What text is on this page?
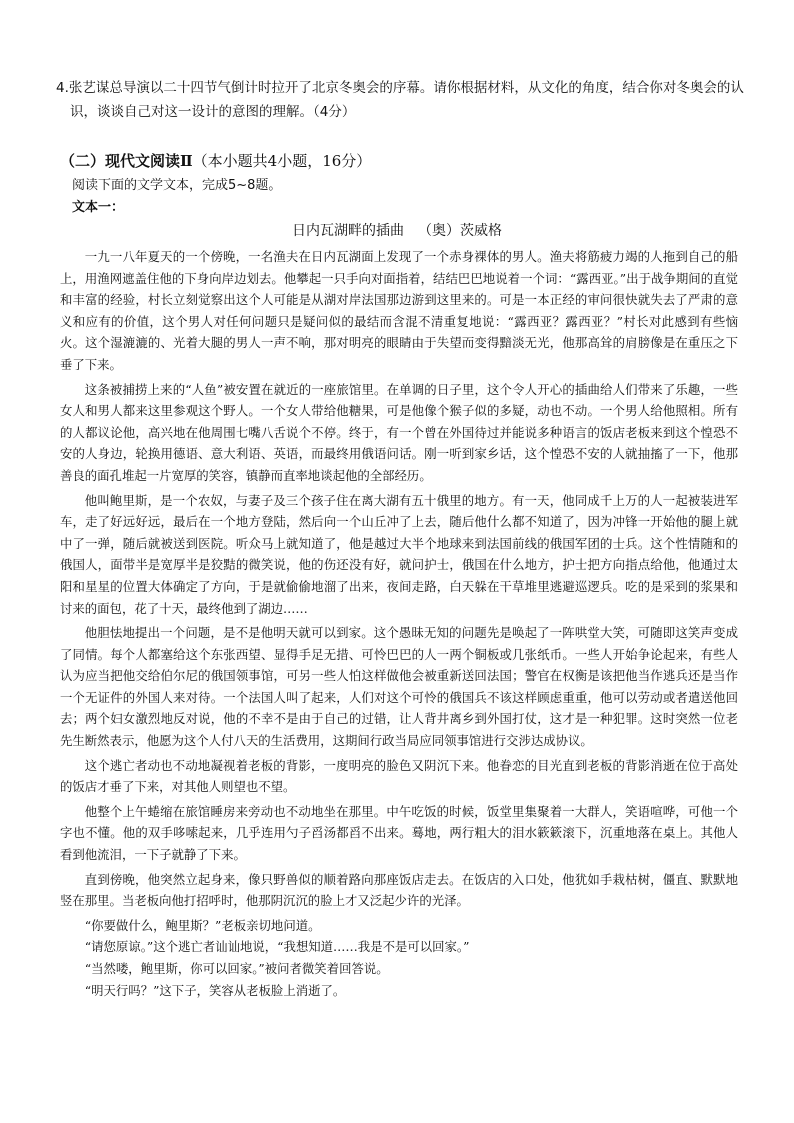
4.张艺谋总导演以二十四节气倒计时拉开了北京冬奥会的序幕。请你根据材料，从文化的角度，结合你对冬奥会的认识，谈谈自己对这一设计的意图的理解。（4分）

（二）现代文阅读Ⅱ（本小题共4小题，16分）

阅读下面的文学文本，完成5~8题。

文本一：

日内瓦湖畔的插曲 （奥）茨威格

一九一八年夏天的一个傍晚，一名渔夫在日内瓦湖面上发现了一个赤身裸体的男人。渔夫将筋疲力竭的人拖到自己的船上，用渔网遮盖住他的下身向岸边划去。他攀起一只手向对面指着，结结巴巴地说着一个词：“露西亚。”出于战争期间的直觉和丰富的经验，村长立刻觉察出这个人可能是从湖对岸法国那边游到这里来的。可是一本正经的审问很快就失去了严肃的意义和应有的价值，这个男人对任何问题只是疑问似的最结而含混不清重复地说：“露西亚？露西亚？”村长对此感到有些恼火。这个湿漉漉的、光着大腿的男人一声不响，那对明亮的眼睛由于失望而变得黯淡无光，他那高耸的肩膀像是在重压之下垂了下来。

这条被捕捞上来的“人鱼”被安置在就近的一座旅馆里。在单调的日子里，这个令人开心的插曲给人们带来了乐趣，一些女人和男人都来这里参观这个野人。一个女人带给他糖果，可是他像个猴子似的多疑，动也不动。一个男人给他照相。所有的人都议论他，高兴地在他周围七嘴八舌说个不停。终于，有一个曾在外国待过并能说多种语言的饭店老板来到这个惶恐不安的人身边，轮换用德语、意大利语、英语，而最终用俄语问话。刚一听到家乡话，这个惶恐不安的人就抽搐了一下，他那善良的面孔堆起一片宽厚的笑容，镇静而直率地谈起他的全部经历。

他叫鲍里斯，是一个农奴，与妻子及三个孩子住在离大湖有五十俄里的地方。有一天，他同成千上万的人一起被装进军车，走了好远好远，最后在一个地方登陆，然后向一个山丘冲了上去，随后他什么都不知道了，因为冲锋一开始他的腿上就中了一弹，随后就被送到医院。听众马上就知道了，他是越过大半个地球来到法国前线的俄国军团的士兵。这个性情随和的俄国人，面带半是宽厚半是狡黠的微笑说，他的伤还没有好，就问护士，俄国在什么地方，护士把方向指点给他，他通过太阳和星星的位置大体确定了方向，于是就偷偷地溜了出来，夜间走路，白天躲在干草堆里逃避巡逻兵。吃的是采到的浆果和讨来的面包，花了十天，最终他到了湖边……

他胆怯地提出一个问题，是不是他明天就可以到家。这个愚昧无知的问题先是唤起了一阵哄堂大笑，可随即这笑声变成了同情。每个人都塞给这个东张西望、显得手足无措、可怜巴巴的人一两个铜板或几张纸币。一些人开始争论起来，有些人认为应当把他交给伯尔尼的俄国领事馆，可另一些人怕这样做他会被重新送回法国；警官在权衡是该把他当作逃兵还是当作一个无证件的外国人来对待。一个法国人叫了起来，人们对这个可怜的俄国兵不该这样顾虑重重，他可以劳动或者遣送他回去；两个妇女激烈地反对说，他的不幸不是由于自己的过错，让人背井离乡到外国打仗，这才是一种犯罪。这时突然一位老先生断然表示，他愿为这个人付八天的生活费用，这期间行政当局应同领事馆进行交涉达成协议。

这个逃亡者动也不动地凝视着老板的背影，一度明亮的脸色又阴沉下来。他眷恋的目光直到老板的背影消逝在位于高处的饭店才垂了下来，对其他人则望也不望。

他整个上午蜷缩在旅馆睡房来旁动也不动地坐在那里。中午吃饭的时候，饭堂里集聚着一大群人，笑语喧哗，可他一个字也不懂。他的双手哆嗦起来，几乎连用勺子舀汤都舀不出来。蓦地，两行粗大的泪水簌簌滚下，沉重地落在桌上。其他人看到他流泪，一下子就静了下来。

直到傍晚，他突然立起身来，像只野兽似的顺着路向那座饭店走去。在饭店的入口处，他犹如手栽枯树，僵直、默默地竖在那里。当老板向他打招呼时，他那阴沉沉的脸上才又泛起少许的光泽。

“你要做什么，鲍里斯？”老板亲切地问道。

“请您原谅。”这个逃亡者讪讪地说，“我想知道……我是不是可以回家。”

“当然喽，鲍里斯，你可以回家。”被问者微笑着回答说。

“明天行吗？”这下子，笑容从老板脸上消逝了。
